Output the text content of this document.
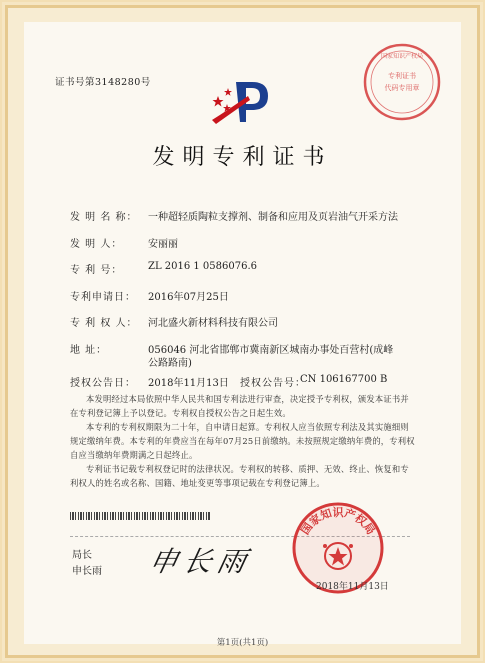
证书号第3148280号
专利证书
代码专用章
国家知识产权局
发明专利证书
发 明 名 称： 一种超轻质陶粒支撑剂、制备和应用及页岩油气开采方法
发 明 人：	安丽丽
专 利 号：	ZL 2016 1 0586076.6
专利申请日： 2016年07月25日
专 利 权 人： 河北盛火新材料科技有限公司
地 址：	056046 河北省邯郸市冀南新区城南办事处百营村(成峰
公路路南)
授权公告日： 2018年11月13日 授权公告号：
CN 106167700 B
本发明经过本局依照中华人民共和国专利法进行审查，决定授予专利权，颁发本证书并在专利登记簿上予以登记。专利权自授权公告之日起生效。
本专利的专利权期限为二十年，自申请日起算。专利权人应当依照专利法及其实施细则规定缴纳年费。本专利的年费应当在每年07月25日前缴纳。未按照规定缴纳年费的，专利权自应当缴纳年费期满之日起终止。
专利证书记载专利权登记时的法律状况。专利权的转移、质押、无效、终止、恢复和专利权人的姓名或名称、国籍、地址变更等事项记载在专利登记簿上。
局长
申长雨 申长雨
国家知识产权局
2018年11月13日
第1页(共1页)
